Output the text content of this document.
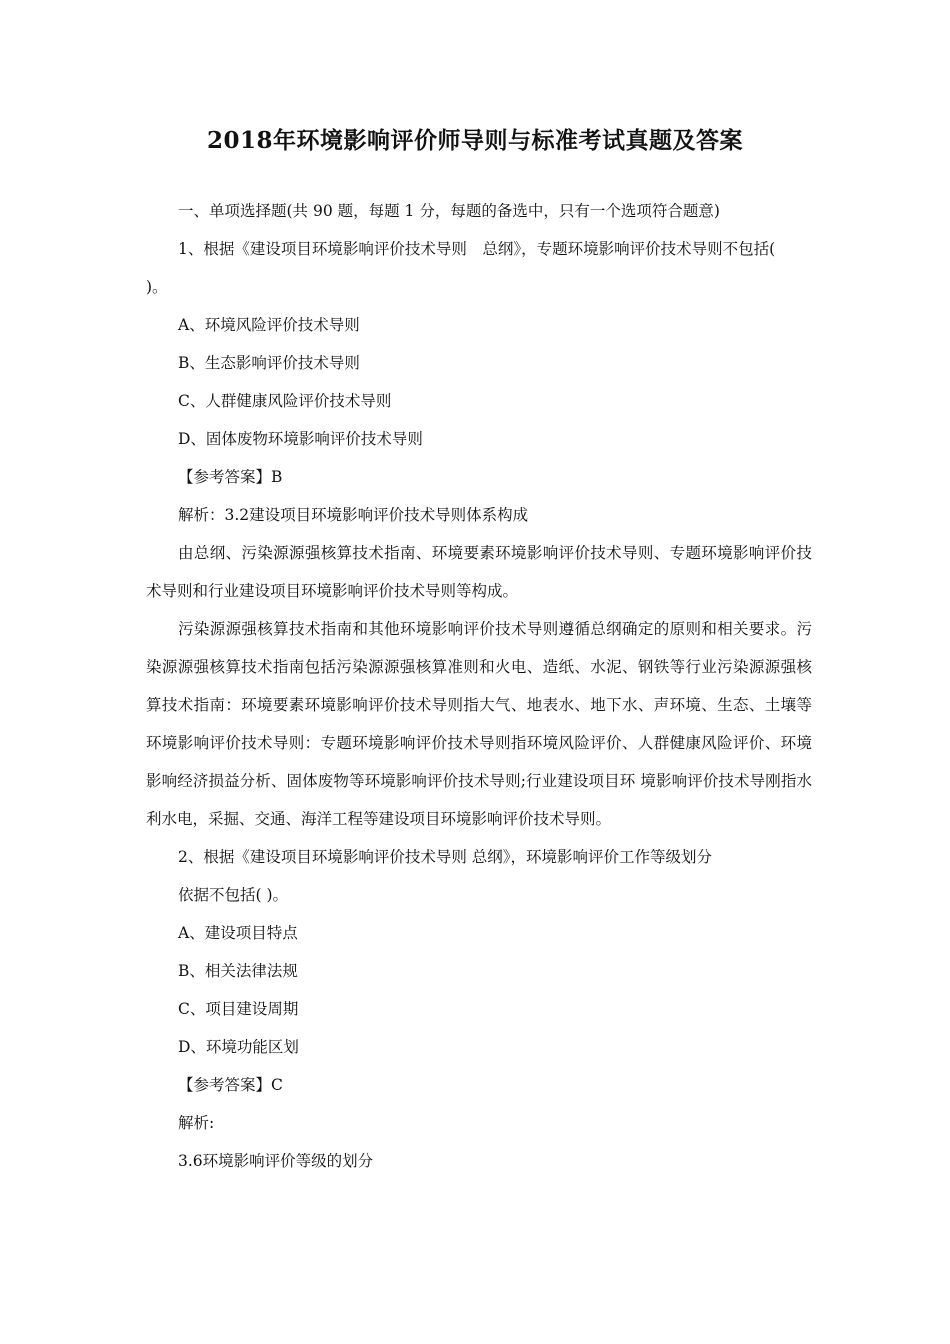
2018年环境影响评价师导则与标准考试真题及答案

一、单项选择题(共 90 题，每题 1 分，每题的备选中，只有一个选项符合题意)

1、根据《建设项目环境影响评价技术导则　总纲》，专题环境影响评价技术导则不包括(

)。

A、环境风险评价技术导则

B、生态影响评价技术导则

C、人群健康风险评价技术导则

D、固体废物环境影响评价技术导则

【参考答案】B

解析：3.2建设项目环境影响评价技术导则体系构成

由总纲、污染源源强核算技术指南、环境要素环境影响评价技术导则、专题环境影响评价技术导则和行业建设项目环境影响评价技术导则等构成。

污染源源强核算技术指南和其他环境影响评价技术导则遵循总纲确定的原则和相关要求。污染源源强核算技术指南包括污染源源强核算准则和火电、造纸、水泥、钢铁等行业污染源源强核算技术指南：环境要素环境影响评价技术导则指大气、地表水、地下水、声环境、生态、土壤等环境影响评价技术导则：专题环境影响评价技术导则指环境风险评价、人群健康风险评价、环境影响经济损益分析、固体废物等环境影响评价技术导则;行业建设项目环 境影响评价技术导刚指水利水电，采掘、交通、海洋工程等建设项目环境影响评价技术导则。

2、根据《建设项目环境影响评价技术导则 总纲》，环境影响评价工作等级划分

依据不包括( )。

A、建设项目特点

B、相关法律法规

C、项目建设周期

D、环境功能区划

【参考答案】C

解析:

3.6环境影响评价等级的划分
